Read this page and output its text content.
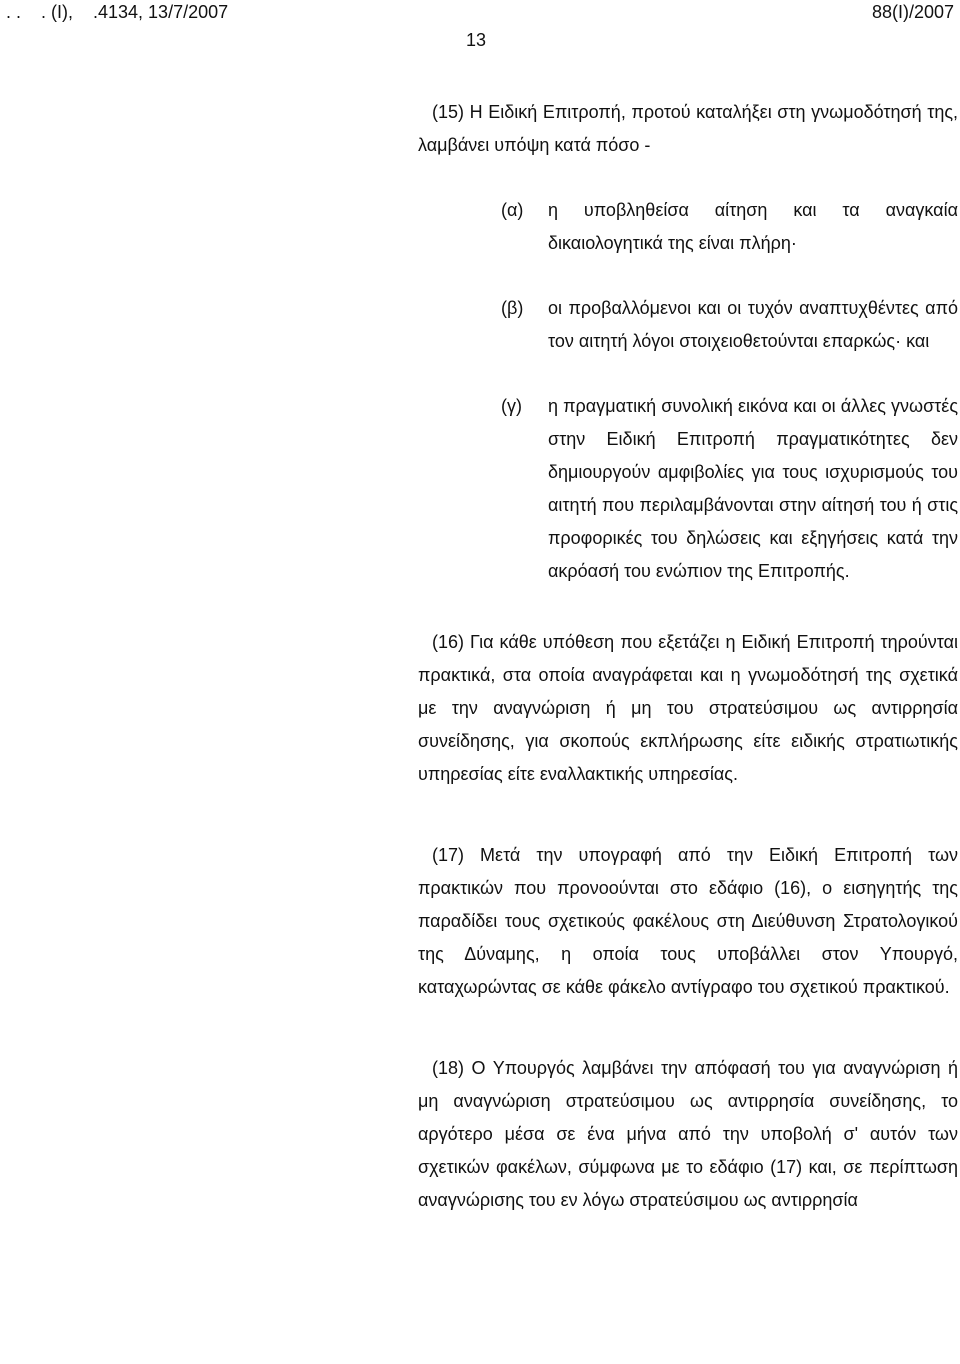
. .    . (Ι),    .4134, 13/7/2007	88(Ι)/2007
13

(15) Η Ειδική Επιτροπή, προτού καταλήξει στη γνωμοδότησή της, λαμβάνει υπόψη κατά πόσο -

(α)	η υποβληθείσα αίτηση και τα αναγκαία δικαιολογητικά της είναι πλήρη·
(β)	οι προβαλλόμενοι και οι τυχόν αναπτυχθέντες από τον αιτητή λόγοι στοιχειοθετούνται επαρκώς· και
(γ)	η πραγματική συνολική εικόνα και οι άλλες γνωστές στην Ειδική Επιτροπή πραγματικότητες δεν δημιουργούν αμφιβολίες για τους ισχυρισμούς του αιτητή που περιλαμβάνονται στην αίτησή του ή στις προφορικές του δηλώσεις και εξηγήσεις κατά την ακρόασή του ενώπιον της Επιτροπής.

(16) Για κάθε υπόθεση που εξετάζει η Ειδική Επιτροπή τηρούνται πρακτικά, στα οποία αναγράφεται και η γνωμοδότησή της σχετικά με την αναγνώριση ή μη του στρατεύσιμου ως αντιρρησία συνείδησης, για σκοπούς εκπλήρωσης είτε ειδικής στρατιωτικής υπηρεσίας είτε εναλλακτικής υπηρεσίας.

(17) Μετά την υπογραφή από την Ειδική Επιτροπή των πρακτικών που προνοούνται στο εδάφιο (16), ο εισηγητής της παραδίδει τους σχετικούς φακέλους στη Διεύθυνση Στρατολογικού της Δύναμης, η οποία τους υποβάλλει στον Υπουργό, καταχωρώντας σε κάθε φάκελο αντίγραφο του σχετικού πρακτικού.

(18) Ο Υπουργός λαμβάνει την απόφασή του για αναγνώριση ή μη αναγνώριση στρατεύσιμου ως αντιρρησία συνείδησης, το αργότερο μέσα σε ένα μήνα από την υποβολή σ' αυτόν των σχετικών φακέλων, σύμφωνα με το εδάφιο (17) και, σε περίπτωση αναγνώρισης του εν λόγω στρατεύσιμου ως αντιρρησία
